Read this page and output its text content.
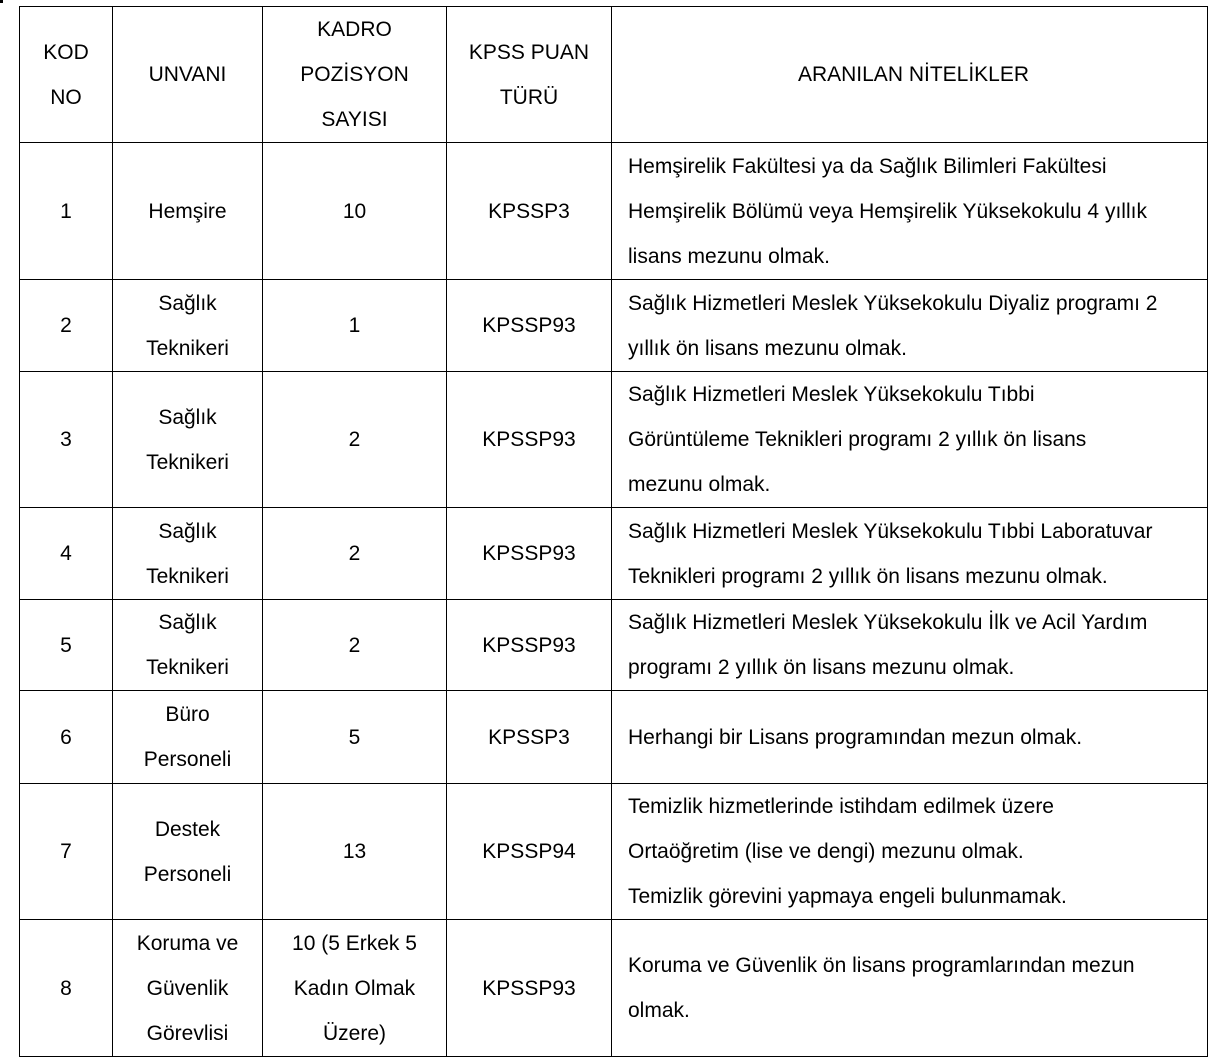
KOD
NO	UNVANI	KADRO
POZİSYON
SAYISI	KPSS PUAN
TÜRÜ	ARANILAN NİTELİKLER

1	Hemşire	10	KPSSP3	Hemşirelik Fakültesi ya da Sağlık Bilimleri Fakültesi
Hemşirelik Bölümü veya Hemşirelik Yüksekokulu 4 yıllık
lisans mezunu olmak.

2	Sağlık
Teknikeri	1	KPSSP93	Sağlık Hizmetleri Meslek Yüksekokulu Diyaliz programı 2
yıllık ön lisans mezunu olmak.

3	Sağlık
Teknikeri	2	KPSSP93	Sağlık Hizmetleri Meslek Yüksekokulu Tıbbi
Görüntüleme Teknikleri programı 2 yıllık ön lisans
mezunu olmak.

4	Sağlık
Teknikeri	2	KPSSP93	Sağlık Hizmetleri Meslek Yüksekokulu Tıbbi Laboratuvar
Teknikleri programı 2 yıllık ön lisans mezunu olmak.

5	Sağlık
Teknikeri	2	KPSSP93	Sağlık Hizmetleri Meslek Yüksekokulu İlk ve Acil Yardım
programı 2 yıllık ön lisans mezunu olmak.

6	Büro
Personeli	5	KPSSP3	Herhangi bir Lisans programından mezun olmak.

7	Destek
Personeli	13	KPSSP94	Temizlik hizmetlerinde istihdam edilmek üzere
Ortaöğretim (lise ve dengi) mezunu olmak.
Temizlik görevini yapmaya engeli bulunmamak.

8	Koruma ve
Güvenlik
Görevlisi	10 (5 Erkek 5
Kadın Olmak
Üzere)	KPSSP93	Koruma ve Güvenlik ön lisans programlarından mezun
olmak.
